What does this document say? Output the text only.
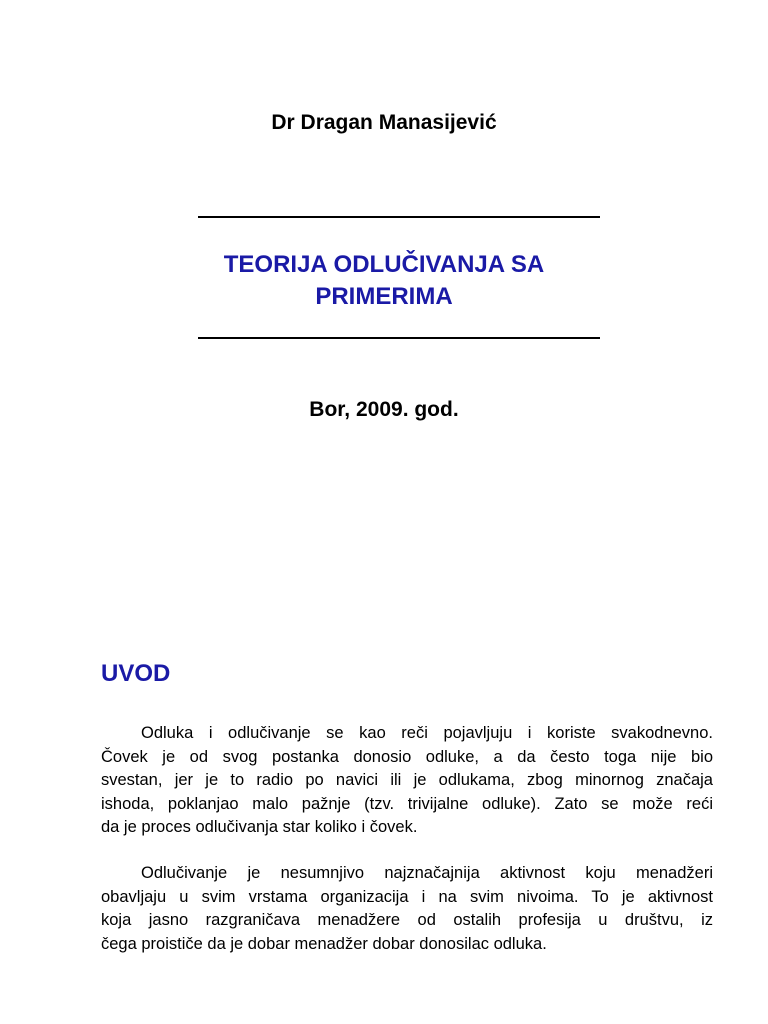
Dr Dragan Manasijević
TEORIJA ODLUČIVANJA SA
PRIMERIMA
Bor, 2009. god.
UVOD
Odluka i odlučivanje se kao reči pojavljuju i koriste svakodnevno.
Čovek je od svog postanka donosio odluke, a da često toga nije bio
svestan, jer je to radio po navici ili je odlukama, zbog minornog značaja
ishoda, poklanjao malo pažnje (tzv. trivijalne odluke). Zato se može reći
da je proces odlučivanja star koliko i čovek.
Odlučivanje je nesumnjivo najznačajnija aktivnost koju menadžeri
obavljaju u svim vrstama organizacija i na svim nivoima. To je aktivnost
koja jasno razgraničava menadžere od ostalih profesija u društvu, iz
čega proističe da je dobar menadžer dobar donosilac odluka.
